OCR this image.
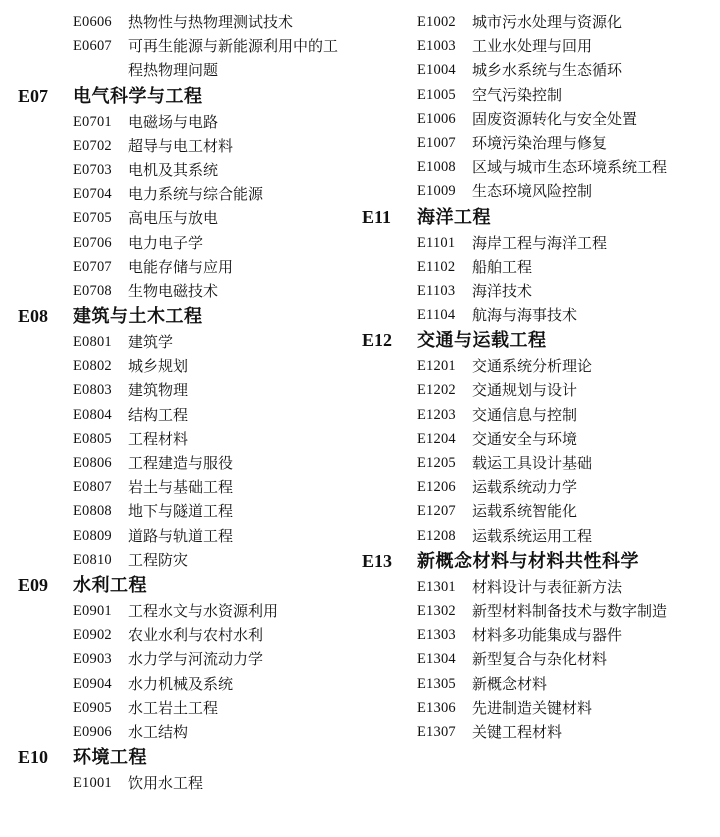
E0606	热物性与热物理测试技术
E0607	可再生能源与新能源利用中的工程热物理问题
E07	电气科学与工程
E0701	电磁场与电路
E0702	超导与电工材料
E0703	电机及其系统
E0704	电力系统与综合能源
E0705	高电压与放电
E0706	电力电子学
E0707	电能存储与应用
E0708	生物电磁技术
E08	建筑与土木工程
E0801	建筑学
E0802	城乡规划
E0803	建筑物理
E0804	结构工程
E0805	工程材料
E0806	工程建造与服役
E0807	岩土与基础工程
E0808	地下与隧道工程
E0809	道路与轨道工程
E0810	工程防灾
E09	水利工程
E0901	工程水文与水资源利用
E0902	农业水利与农村水利
E0903	水力学与河流动力学
E0904	水力机械及系统
E0905	水工岩土工程
E0906	水工结构
E10	环境工程
E1001	饮用水工程
E1002	城市污水处理与资源化
E1003	工业水处理与回用
E1004	城乡水系统与生态循环
E1005	空气污染控制
E1006	固废资源转化与安全处置
E1007	环境污染治理与修复
E1008	区域与城市生态环境系统工程
E1009	生态环境风险控制
E11	海洋工程
E1101	海岸工程与海洋工程
E1102	船舶工程
E1103	海洋技术
E1104	航海与海事技术
E12	交通与运载工程
E1201	交通系统分析理论
E1202	交通规划与设计
E1203	交通信息与控制
E1204	交通安全与环境
E1205	载运工具设计基础
E1206	运载系统动力学
E1207	运载系统智能化
E1208	运载系统运用工程
E13	新概念材料与材料共性科学
E1301	材料设计与表征新方法
E1302	新型材料制备技术与数字制造
E1303	材料多功能集成与器件
E1304	新型复合与杂化材料
E1305	新概念材料
E1306	先进制造关键材料
E1307	关键工程材料
